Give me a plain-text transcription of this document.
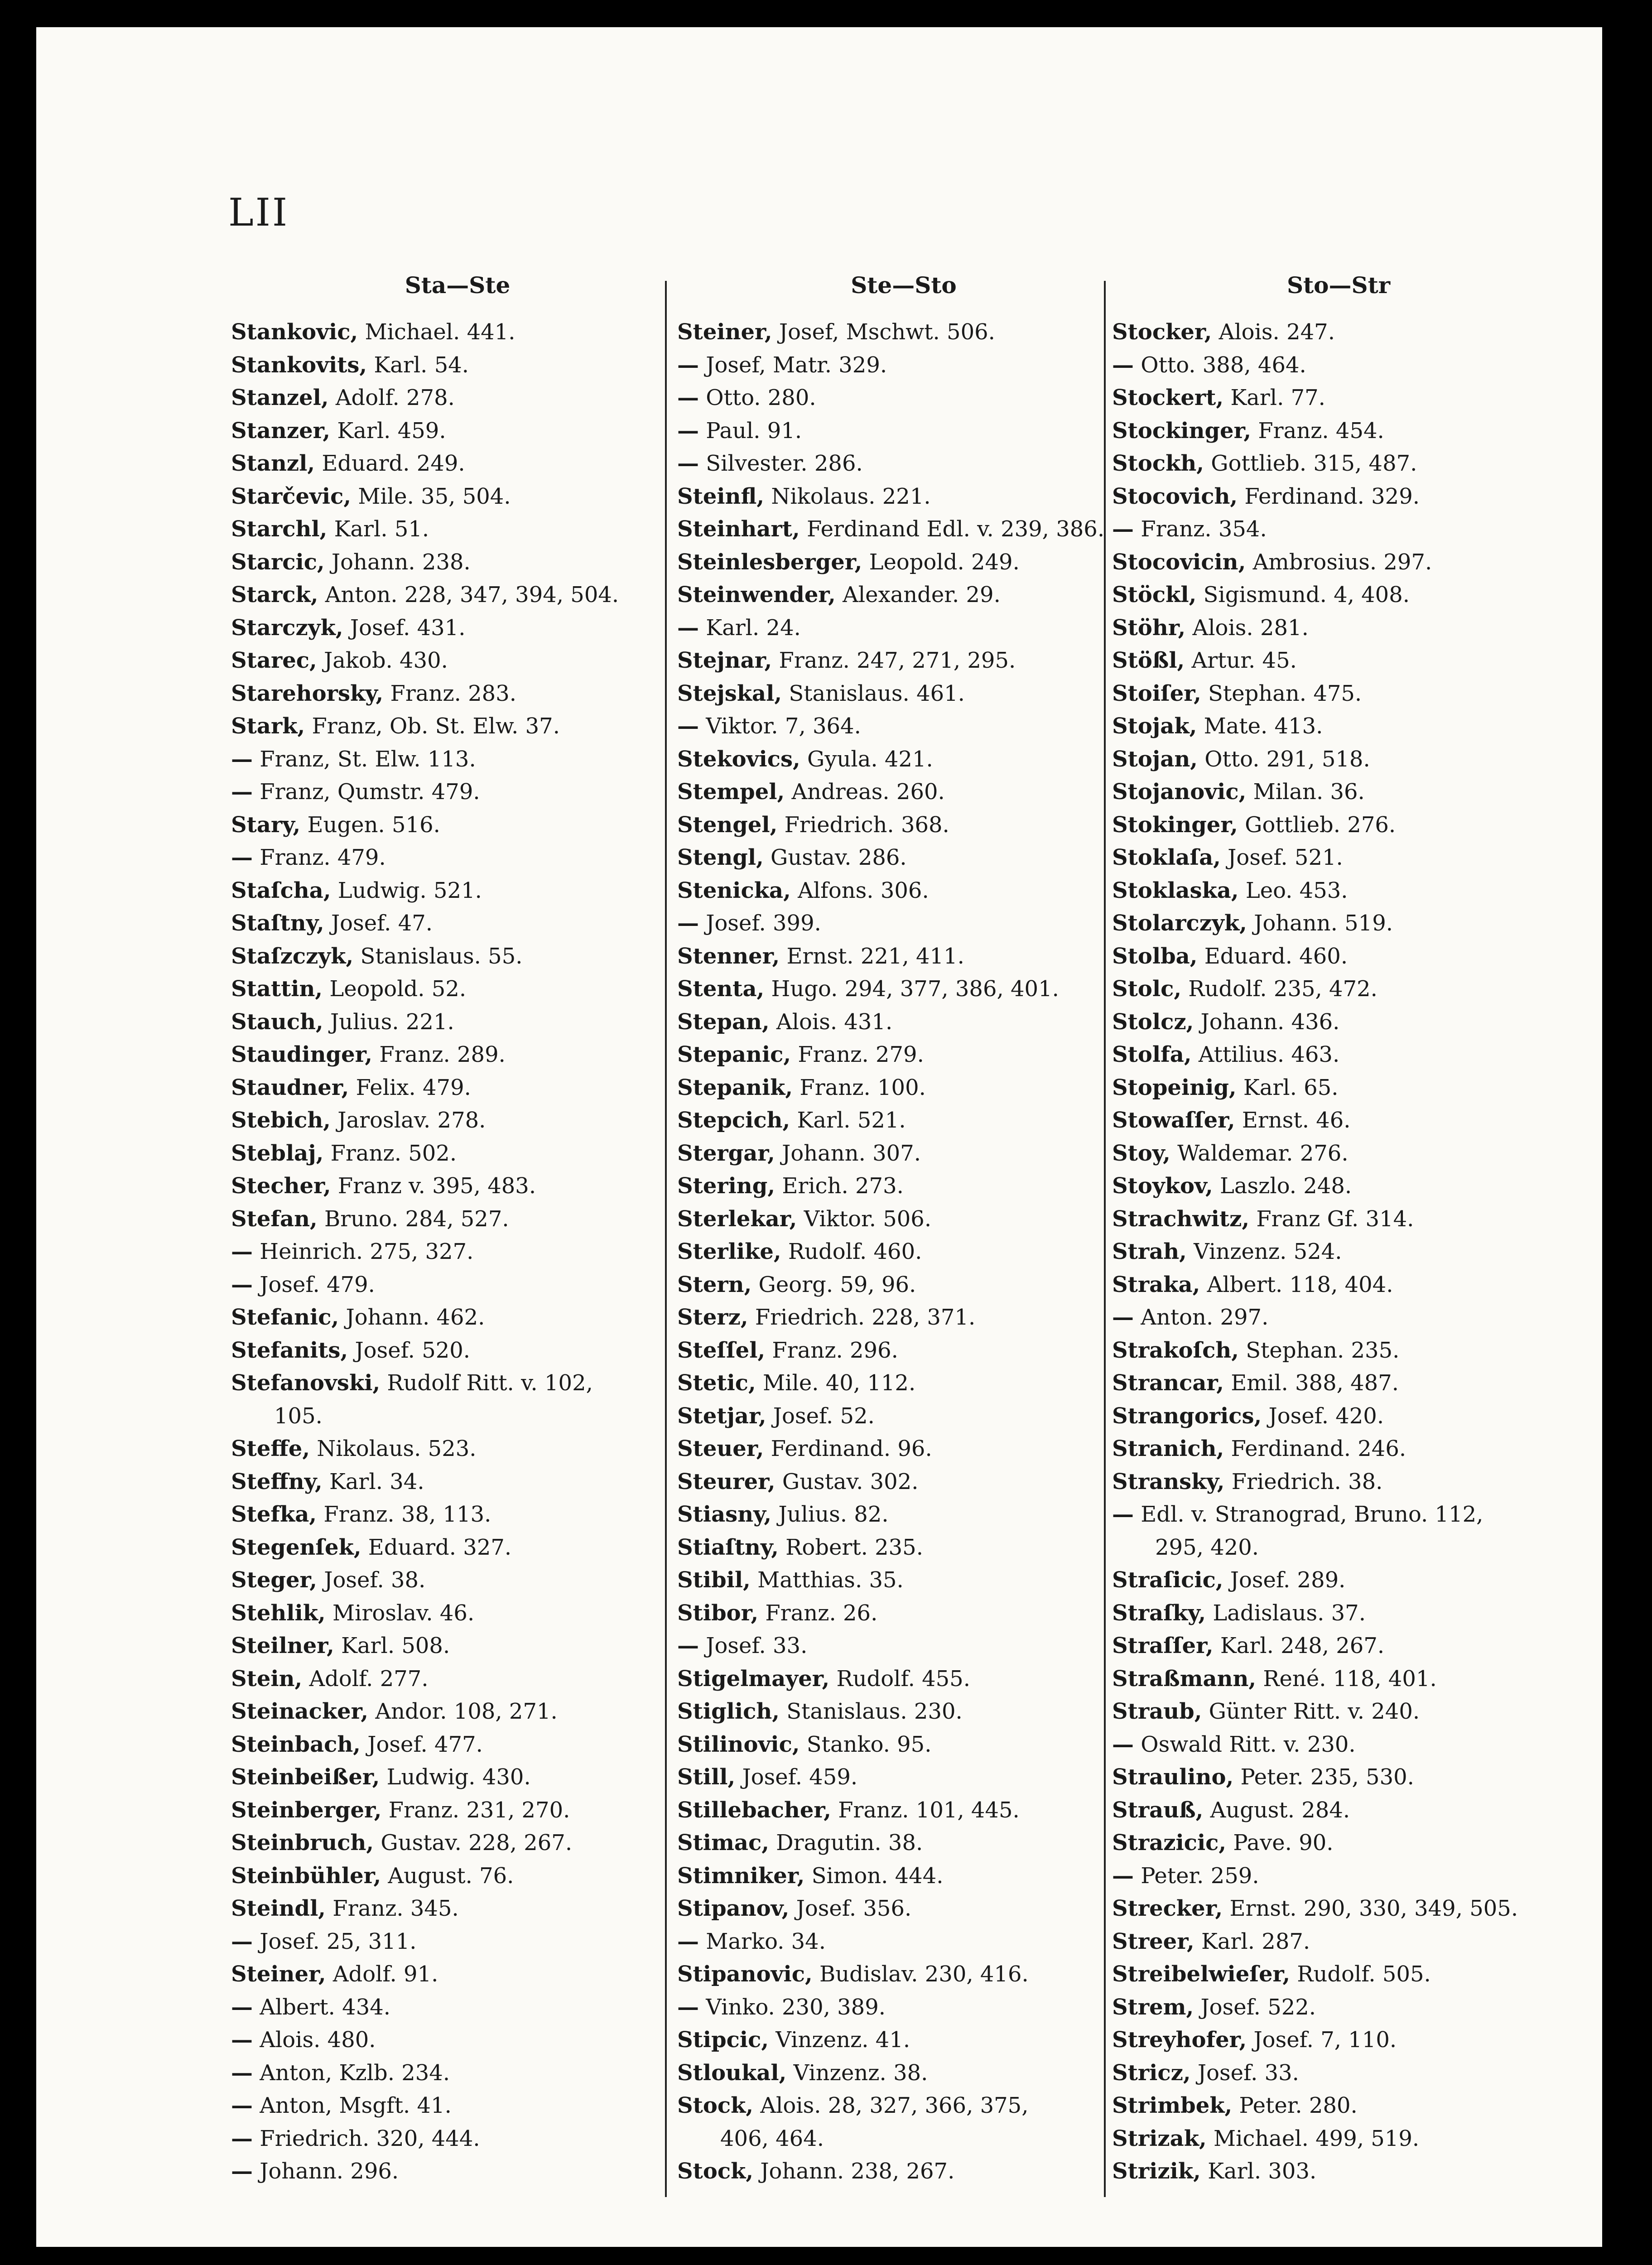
LII
Sta—Ste
Stankovic, Michael. 441.
Stankovits, Karl. 54.
Stanzel, Adolf. 278.
Stanzer, Karl. 459.
Stanzl, Eduard. 249.
Starčevic, Mile. 35, 504.
Starchl, Karl. 51.
Starcic, Johann. 238.
Starck, Anton. 228, 347, 394, 504.
Starczyk, Josef. 431.
Starec, Jakob. 430.
Starehorsky, Franz. 283.
Stark, Franz, Ob. St. Elw. 37.
— Franz, St. Elw. 113.
— Franz, Qumstr. 479.
Stary, Eugen. 516.
— Franz. 479.
Staſcha, Ludwig. 521.
Staſtny, Josef. 47.
Staſzczyk, Stanislaus. 55.
Stattin, Leopold. 52.
Stauch, Julius. 221.
Staudinger, Franz. 289.
Staudner, Felix. 479.
Stebich, Jaroslav. 278.
Steblaj, Franz. 502.
Stecher, Franz v. 395, 483.
Stefan, Bruno. 284, 527.
— Heinrich. 275, 327.
— Josef. 479.
Stefanic, Johann. 462.
Stefanits, Josef. 520.
Stefanovski, Rudolf Ritt. v. 102,
105.
Steffe, Nikolaus. 523.
Steffny, Karl. 34.
Stefka, Franz. 38, 113.
Stegenſek, Eduard. 327.
Steger, Josef. 38.
Stehlik, Miroslav. 46.
Steilner, Karl. 508.
Stein, Adolf. 277.
Steinacker, Andor. 108, 271.
Steinbach, Josef. 477.
Steinbeißer, Ludwig. 430.
Steinberger, Franz. 231, 270.
Steinbruch, Gustav. 228, 267.
Steinbühler, August. 76.
Steindl, Franz. 345.
— Josef. 25, 311.
Steiner, Adolf. 91.
— Albert. 434.
— Alois. 480.
— Anton, Kzlb. 234.
— Anton, Msgft. 41.
— Friedrich. 320, 444.
— Johann. 296.
Ste—Sto
Steiner, Josef, Mschwt. 506.
— Josef, Matr. 329.
— Otto. 280.
— Paul. 91.
— Silvester. 286.
Steinfl, Nikolaus. 221.
Steinhart, Ferdinand Edl. v. 239, 386.
Steinlesberger, Leopold. 249.
Steinwender, Alexander. 29.
— Karl. 24.
Stejnar, Franz. 247, 271, 295.
Stejskal, Stanislaus. 461.
— Viktor. 7, 364.
Stekovics, Gyula. 421.
Stempel, Andreas. 260.
Stengel, Friedrich. 368.
Stengl, Gustav. 286.
Stenicka, Alfons. 306.
— Josef. 399.
Stenner, Ernst. 221, 411.
Stenta, Hugo. 294, 377, 386, 401.
Stepan, Alois. 431.
Stepanic, Franz. 279.
Stepanik, Franz. 100.
Stepcich, Karl. 521.
Stergar, Johann. 307.
Stering, Erich. 273.
Sterlekar, Viktor. 506.
Sterlike, Rudolf. 460.
Stern, Georg. 59, 96.
Sterz, Friedrich. 228, 371.
Steſſel, Franz. 296.
Stetic, Mile. 40, 112.
Stetjar, Josef. 52.
Steuer, Ferdinand. 96.
Steurer, Gustav. 302.
Stiasny, Julius. 82.
Stiaſtny, Robert. 235.
Stibil, Matthias. 35.
Stibor, Franz. 26.
— Josef. 33.
Stigelmayer, Rudolf. 455.
Stiglich, Stanislaus. 230.
Stilinovic, Stanko. 95.
Still, Josef. 459.
Stillebacher, Franz. 101, 445.
Stimac, Dragutin. 38.
Stimniker, Simon. 444.
Stipanov, Josef. 356.
— Marko. 34.
Stipanovic, Budislav. 230, 416.
— Vinko. 230, 389.
Stipcic, Vinzenz. 41.
Stloukal, Vinzenz. 38.
Stock, Alois. 28, 327, 366, 375,
406, 464.
Stock, Johann. 238, 267.
Sto—Str
Stocker, Alois. 247.
— Otto. 388, 464.
Stockert, Karl. 77.
Stockinger, Franz. 454.
Stockh, Gottlieb. 315, 487.
Stocovich, Ferdinand. 329.
— Franz. 354.
Stocovicin, Ambrosius. 297.
Stöckl, Sigismund. 4, 408.
Stöhr, Alois. 281.
Stößl, Artur. 45.
Stoiſer, Stephan. 475.
Stojak, Mate. 413.
Stojan, Otto. 291, 518.
Stojanovic, Milan. 36.
Stokinger, Gottlieb. 276.
Stoklaſa, Josef. 521.
Stoklaska, Leo. 453.
Stolarczyk, Johann. 519.
Stolba, Eduard. 460.
Stolc, Rudolf. 235, 472.
Stolcz, Johann. 436.
Stolfa, Attilius. 463.
Stopeinig, Karl. 65.
Stowaſſer, Ernst. 46.
Stoy, Waldemar. 276.
Stoykov, Laszlo. 248.
Strachwitz, Franz Gf. 314.
Strah, Vinzenz. 524.
Straka, Albert. 118, 404.
— Anton. 297.
Strakoſch, Stephan. 235.
Strancar, Emil. 388, 487.
Strangorics, Josef. 420.
Stranich, Ferdinand. 246.
Stransky, Friedrich. 38.
— Edl. v. Stranograd, Bruno. 112,
295, 420.
Straſicic, Josef. 289.
Straſky, Ladislaus. 37.
Straſſer, Karl. 248, 267.
Straßmann, René. 118, 401.
Straub, Günter Ritt. v. 240.
— Oswald Ritt. v. 230.
Straulino, Peter. 235, 530.
Strauß, August. 284.
Strazicic, Pave. 90.
— Peter. 259.
Strecker, Ernst. 290, 330, 349, 505.
Streer, Karl. 287.
Streibelwieſer, Rudolf. 505.
Strem, Josef. 522.
Streyhofer, Josef. 7, 110.
Stricz, Josef. 33.
Strimbek, Peter. 280.
Strizak, Michael. 499, 519.
Strizik, Karl. 303.
